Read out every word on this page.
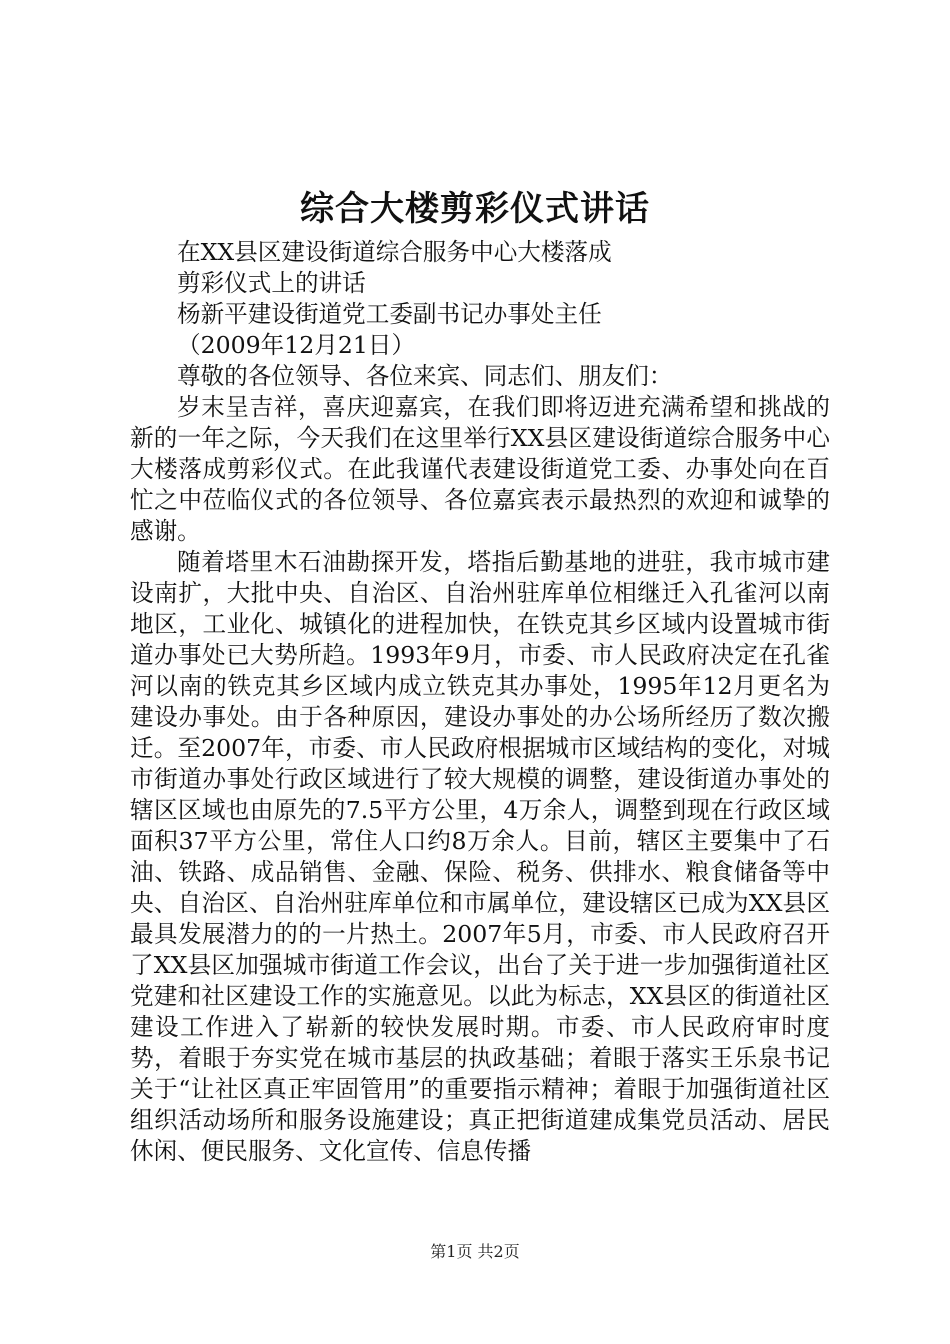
综合大楼剪彩仪式讲话
在XX县区建设街道综合服务中心大楼落成
剪彩仪式上的讲话
杨新平建设街道党工委副书记办事处主任
（2009年12月21日）
尊敬的各位领导、各位来宾、同志们、朋友们：

岁末呈吉祥，喜庆迎嘉宾，在我们即将迈进充满希望和挑战的新的一年之际，今天我们在这里举行XX县区建设街道综合服务中心大楼落成剪彩仪式。在此我谨代表建设街道党工委、办事处向在百忙之中莅临仪式的各位领导、各位嘉宾表示最热烈的欢迎和诚挚的感谢。

随着塔里木石油勘探开发，塔指后勤基地的进驻，我市城市建设南扩，大批中央、自治区、自治州驻库单位相继迁入孔雀河以南地区，工业化、城镇化的进程加快，在铁克其乡区域内设置城市街道办事处已大势所趋。1993年9月，市委、市人民政府决定在孔雀河以南的铁克其乡区域内成立铁克其办事处，1995年12月更名为建设办事处。由于各种原因，建设办事处的办公场所经历了数次搬迁。至2007年，市委、市人民政府根据城市区域结构的变化，对城市街道办事处行政区域进行了较大规模的调整，建设街道办事处的辖区区域也由原先的7.5平方公里，4万余人，调整到现在行政区域面积37平方公里，常住人口约8万余人。目前，辖区主要集中了石油、铁路、成品销售、金融、保险、税务、供排水、粮食储备等中央、自治区、自治州驻库单位和市属单位，建设辖区已成为XX县区最具发展潜力的的一片热土。2007年5月，市委、市人民政府召开了XX县区加强城市街道工作会议，出台了关于进一步加强街道社区党建和社区建设工作的实施意见。以此为标志，XX县区的街道社区建设工作进入了崭新的较快发展时期。市委、市人民政府审时度势，着眼于夯实党在城市基层的执政基础；着眼于落实王乐泉书记关于“让社区真正牢固管用”的重要指示精神；着眼于加强街道社区组织活动场所和服务设施建设；真正把街道建成集党员活动、居民休闲、便民服务、文化宣传、信息传播

第1页 共2页
